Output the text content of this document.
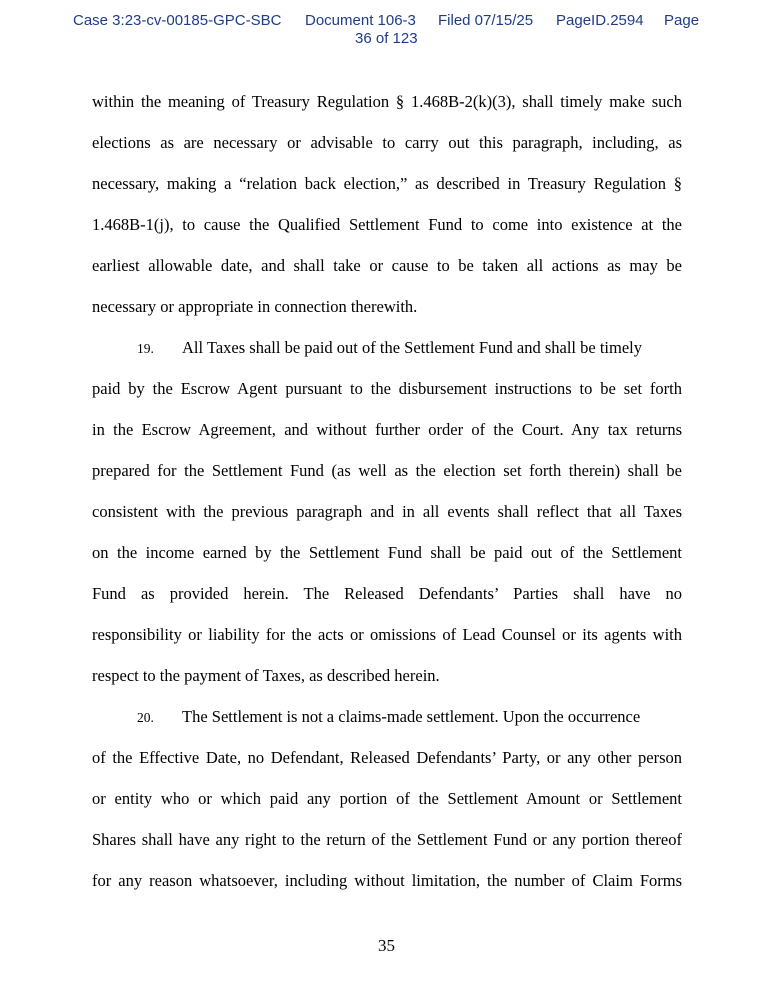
Case 3:23-cv-00185-GPC-SBC Document 106-3
36 of 123
Filed 07/15/25 PageID.2594 Page
within the meaning of Treasury Regulation § 1.468B-2(k)(3), shall timely make such
elections as are necessary or advisable to carry out this paragraph, including, as
necessary, making a “relation back election,” as described in Treasury Regulation §
1.468B-1(j), to cause the Qualified Settlement Fund to come into existence at the
earliest allowable date, and shall take or cause to be taken all actions as may be
necessary or appropriate in connection therewith.
19. All Taxes shall be paid out of the Settlement Fund and shall be timely
paid by the Escrow Agent pursuant to the disbursement instructions to be set forth
in the Escrow Agreement, and without further order of the Court. Any tax returns
prepared for the Settlement Fund (as well as the election set forth therein) shall be
consistent with the previous paragraph and in all events shall reflect that all Taxes
on the income earned by the Settlement Fund shall be paid out of the Settlement
Fund as provided herein. The Released Defendants’ Parties shall have no
responsibility or liability for the acts or omissions of Lead Counsel or its agents with
respect to the payment of Taxes, as described herein.
20. The Settlement is not a claims-made settlement. Upon the occurrence
of the Effective Date, no Defendant, Released Defendants’ Party, or any other person
or entity who or which paid any portion of the Settlement Amount or Settlement
Shares shall have any right to the return of the Settlement Fund or any portion thereof
for any reason whatsoever, including without limitation, the number of Claim Forms
35
